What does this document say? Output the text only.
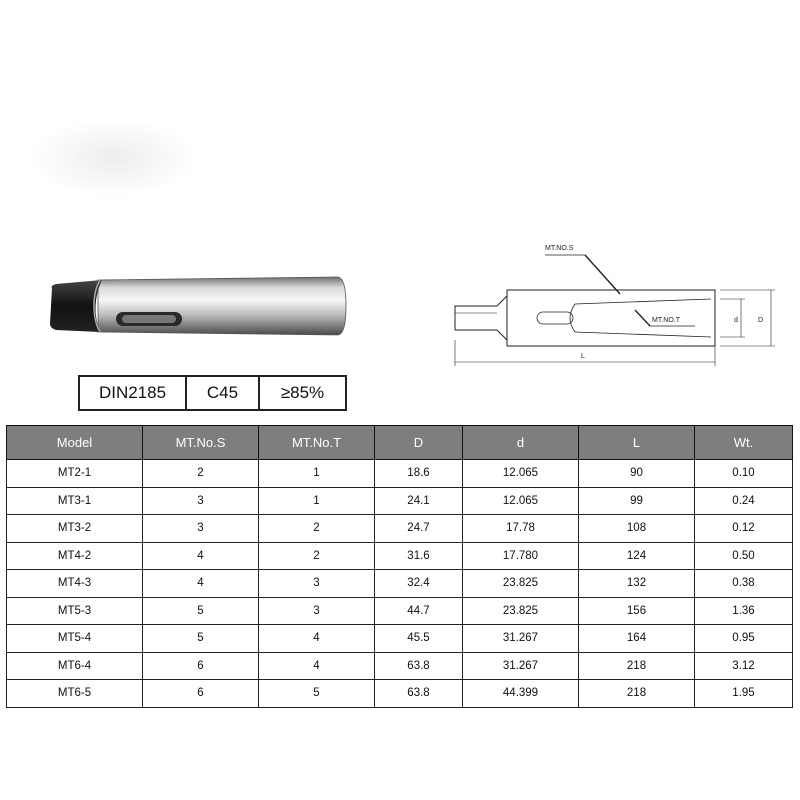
MT.NO.S
MT.NO.T	d	D
L
DIN2185	C45	≥85%
Model	MT.No.S	MT.No.T	D	d	L	Wt.
MT2-1	2	1	18.6	12.065	90	0.10
MT3-1	3	1	24.1	12.065	99	0.24
MT3-2	3	2	24.7	17.78	108	0.12
MT4-2	4	2	31.6	17.780	124	0.50
MT4-3	4	3	32.4	23.825	132	0.38
MT5-3	5	3	44.7	23.825	156	1.36
MT5-4	5	4	45.5	31.267	164	0.95
MT6-4	6	4	63.8	31.267	218	3.12
MT6-5	6	5	63.8	44.399	218	1.95
